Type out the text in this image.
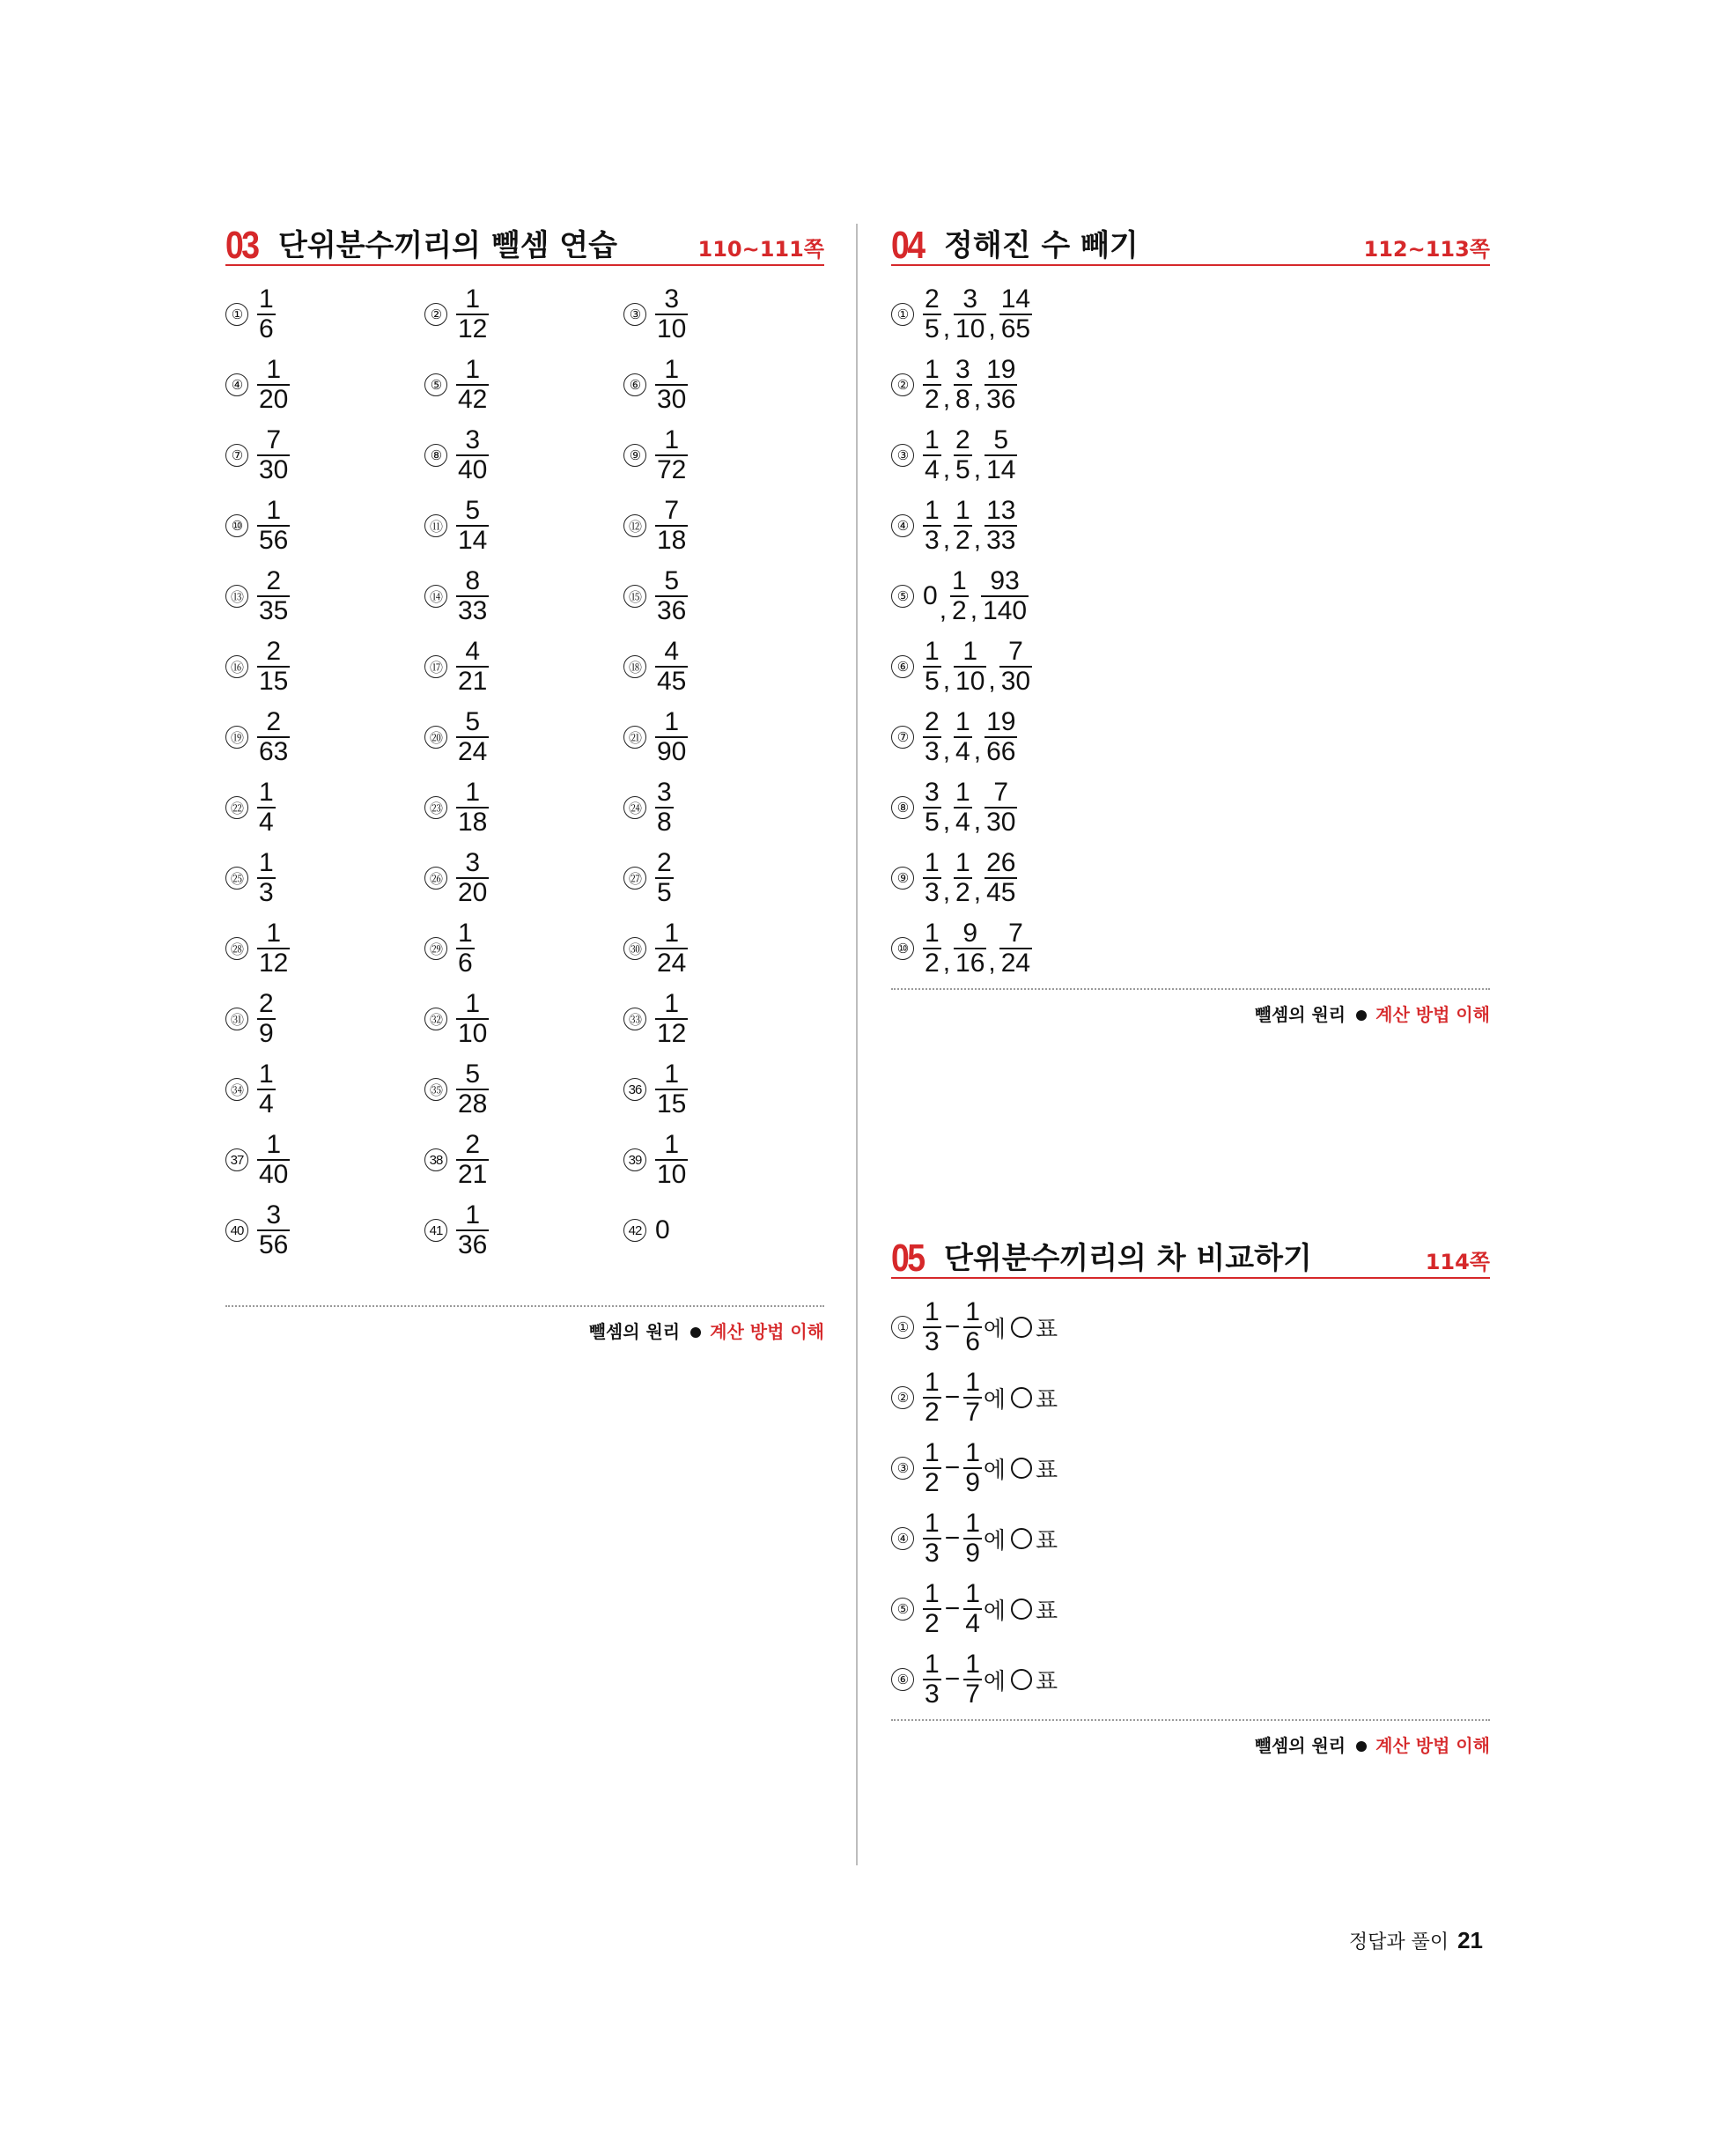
03 단위분수끼리의 뺄셈 연습	110~111쪽
① $\frac{1}{6}$	② $\frac{1}{12}$	③ $\frac{3}{10}$
④ $\frac{1}{20}$	⑤ $\frac{1}{42}$	⑥ $\frac{1}{30}$
⑦ $\frac{7}{30}$	⑧ $\frac{3}{40}$	⑨ $\frac{1}{72}$
⑩ $\frac{1}{56}$	⑪ $\frac{5}{14}$	⑫ $\frac{7}{18}$
⑬ $\frac{2}{35}$	⑭ $\frac{8}{33}$	⑮ $\frac{5}{36}$
⑯ $\frac{2}{15}$	⑰ $\frac{4}{21}$	⑱ $\frac{4}{45}$
⑲ $\frac{2}{63}$	⑳ $\frac{5}{24}$	㉑ $\frac{1}{90}$
㉒ $\frac{1}{4}$	㉓ $\frac{1}{18}$	㉔ $\frac{3}{8}$
㉕ $\frac{1}{3}$	㉖ $\frac{3}{20}$	㉗ $\frac{2}{5}$
㉘ $\frac{1}{12}$	㉙ $\frac{1}{6}$	㉚ $\frac{1}{24}$
㉛ $\frac{2}{9}$	㉜ $\frac{1}{10}$	㉝ $\frac{1}{12}$
㉞ $\frac{1}{4}$	㉟ $\frac{5}{28}$	$36 \frac{1}{15}$
$37 \frac{1}{40}$	$38 \frac{2}{21}$	$39 \frac{1}{10}$
$40 \frac{3}{56}$	$41 \frac{1}{36}$	42 0
뺄셈의 원리 계산 방법 이해
04 정해진 수 빼기	112~113쪽
① $\frac{2}{5}$ , $\frac{3}{10}$ , $\frac{14}{65}$
② $\frac{1}{2}$ , $\frac{3}{8}$ , $\frac{19}{36}$
③ $\frac{1}{4}$ , $\frac{2}{5}$ , $\frac{5}{14}$
④ $\frac{1}{3}$ , $\frac{1}{2}$ , $\frac{13}{33}$
⑤ 0 , $\frac{1}{2}$ , $\frac{93}{140}$
⑥ $\frac{1}{5}$ , $\frac{1}{10}$ , $\frac{7}{30}$
⑦ $\frac{2}{3}$ , $\frac{1}{4}$ , $\frac{19}{66}$
⑧ $\frac{3}{5}$ , $\frac{1}{4}$ , $\frac{7}{30}$
⑨ $\frac{1}{3}$ , $\frac{1}{2}$ , $\frac{26}{45}$
⑩ $\frac{1}{2}$ , $\frac{9}{16}$ , $\frac{7}{24}$
뺄셈의 원리 계산 방법 이해
05 단위분수끼리의 차 비교하기	114쪽
① $\frac{1}{3} - \frac{1}{6}$ 에 ○ 표
② $\frac{1}{2} - \frac{1}{7}$ 에 ○ 표
③ $\frac{1}{2} - \frac{1}{9}$ 에 ○ 표
④ $\frac{1}{3} - \frac{1}{9}$ 에 ○ 표
⑤ $\frac{1}{2} - \frac{1}{4}$ 에 ○ 표
⑥ $\frac{1}{3} - \frac{1}{7}$ 에 ○ 표
뺄셈의 원리 계산 방법 이해
정답과 풀이 21
